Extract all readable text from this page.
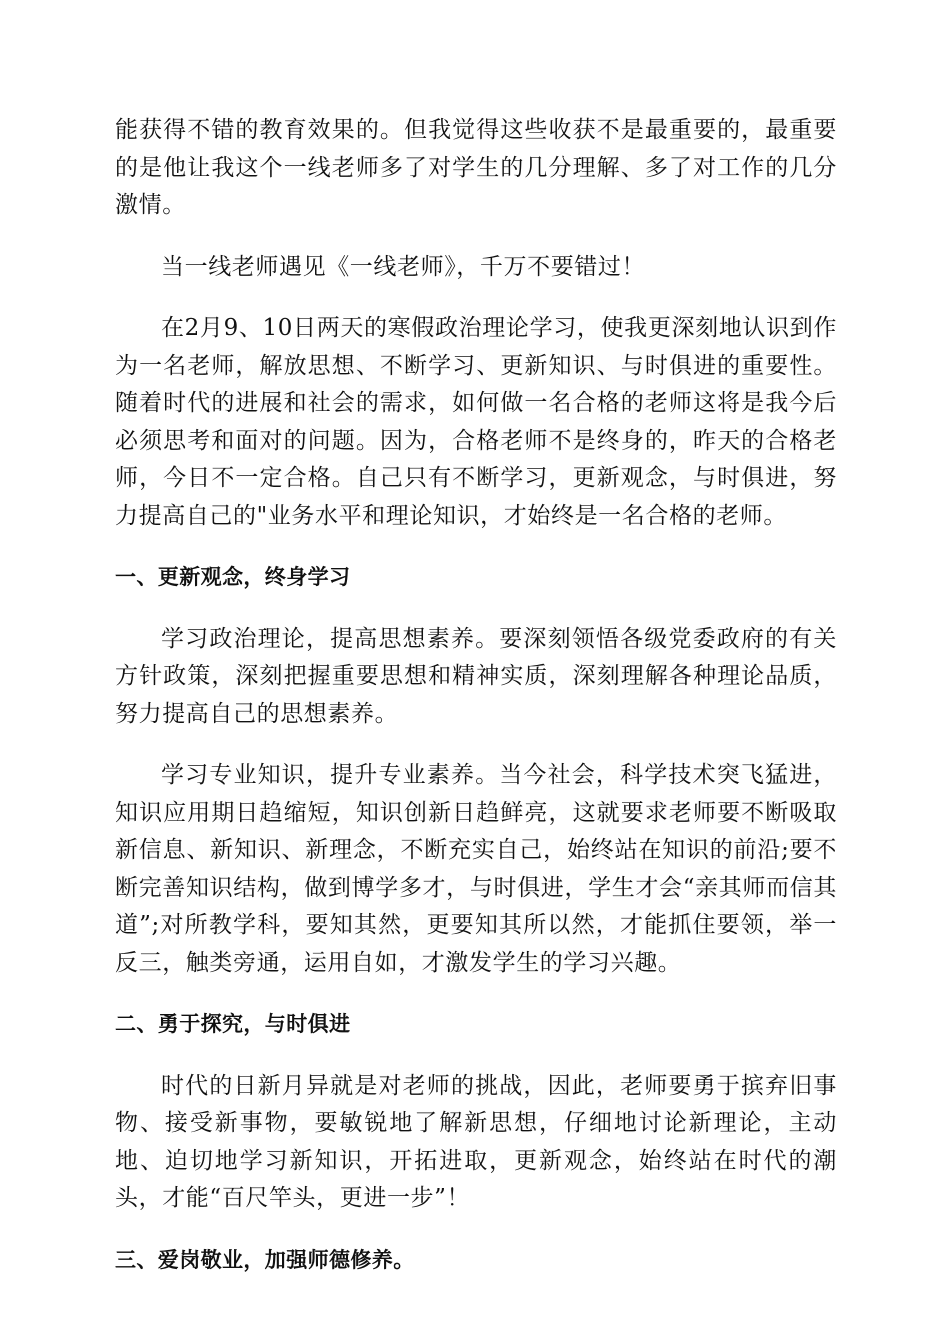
能获得不错的教育效果的。但我觉得这些收获不是最重要的，最重要的是他让我这个一线老师多了对学生的几分理解、多了对工作的几分激情。

当一线老师遇见《一线老师》，千万不要错过！

在2月9、10日两天的寒假政治理论学习，使我更深刻地认识到作为一名老师，解放思想、不断学习、更新知识、与时俱进的重要性。随着时代的进展和社会的需求，如何做一名合格的老师这将是我今后必须思考和面对的问题。因为，合格老师不是终身的，昨天的合格老师，今日不一定合格。自己只有不断学习，更新观念，与时俱进，努力提高自己的"业务水平和理论知识，才始终是一名合格的老师。

一、更新观念，终身学习

学习政治理论，提高思想素养。要深刻领悟各级党委政府的有关方针政策，深刻把握重要思想和精神实质，深刻理解各种理论品质，努力提高自己的思想素养。

学习专业知识，提升专业素养。当今社会，科学技术突飞猛进，知识应用期日趋缩短，知识创新日趋鲜亮，这就要求老师要不断吸取新信息、新知识、新理念，不断充实自己，始终站在知识的前沿;要不断完善知识结构，做到博学多才，与时俱进，学生才会“亲其师而信其道”;对所教学科，要知其然，更要知其所以然，才能抓住要领，举一反三，触类旁通，运用自如，才激发学生的学习兴趣。

二、勇于探究，与时俱进

时代的日新月异就是对老师的挑战，因此，老师要勇于摈弃旧事物、接受新事物，要敏锐地了解新思想，仔细地讨论新理论，主动地、迫切地学习新知识，开拓进取，更新观念，始终站在时代的潮头，才能“百尺竿头，更进一步”！

三、爱岗敬业，加强师德修养。
